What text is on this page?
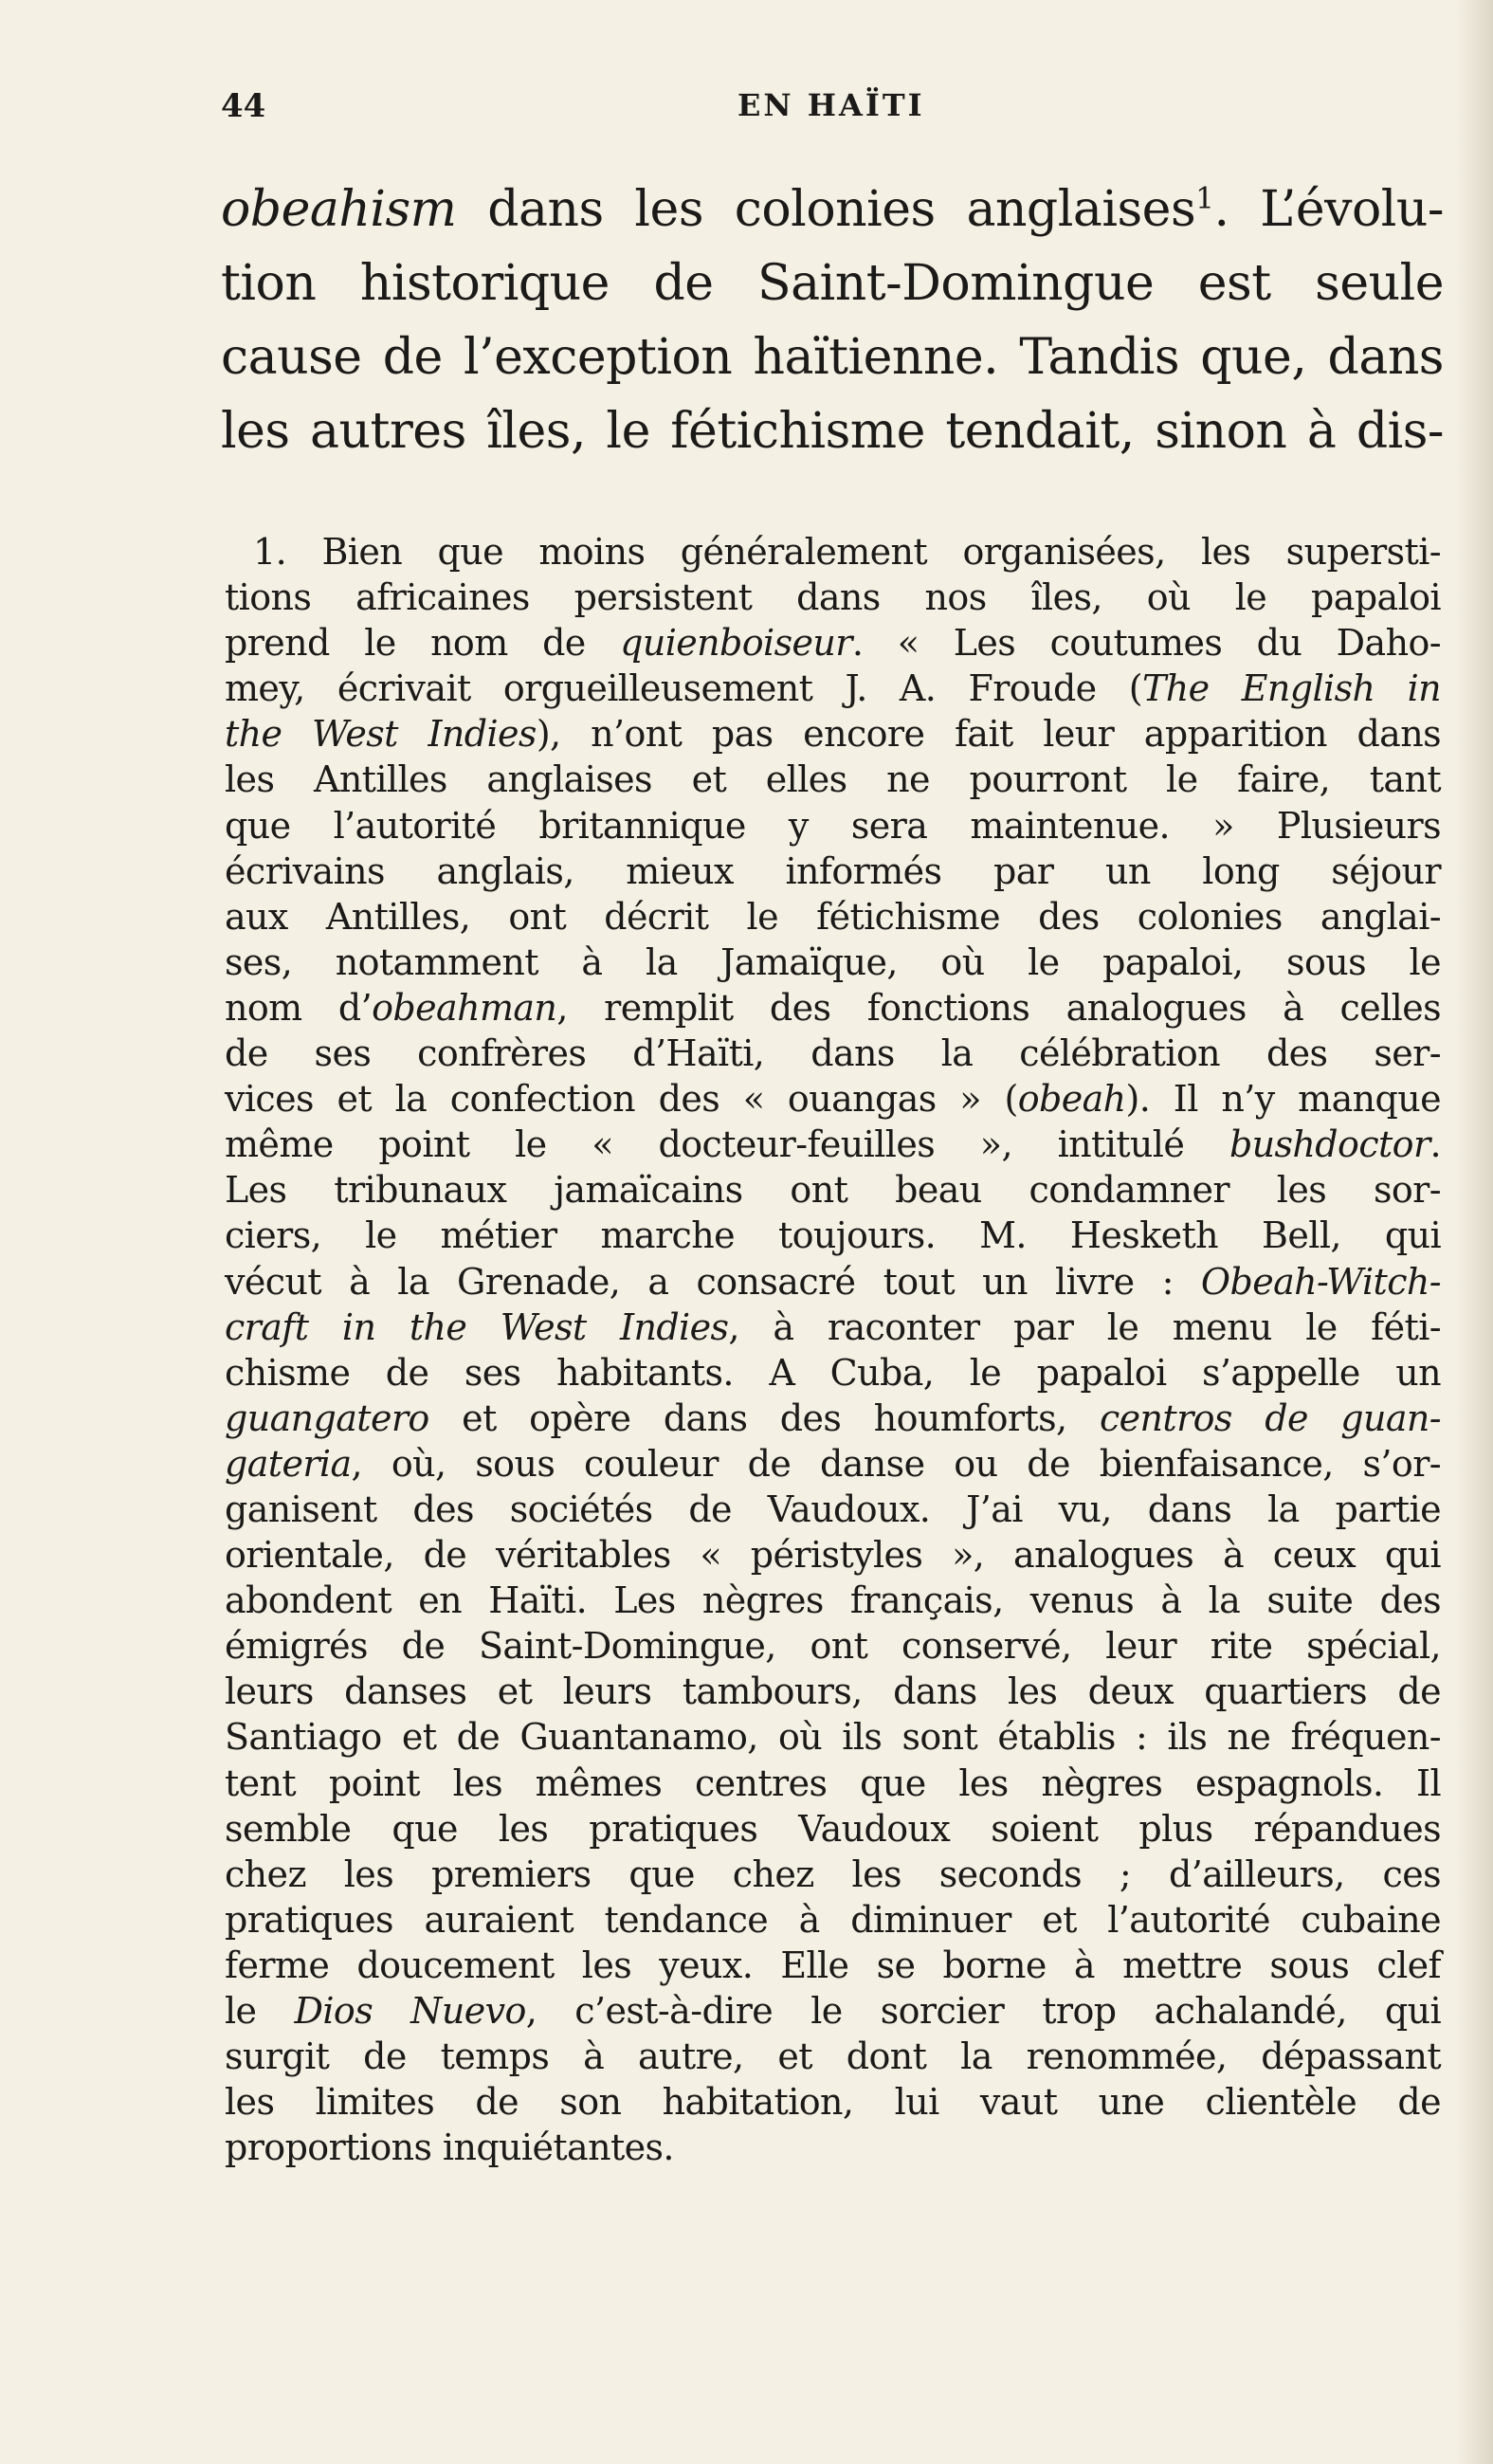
44	EN HAÏTI
obeahism dans les colonies anglaises$^1$. L’évolu-
tion historique de Saint-Domingue est seule
cause de l’exception haïtienne. Tandis que, dans
les autres îles, le fétichisme tendait, sinon à dis-
1. Bien que moins généralement organisées, les supersti-
tions africaines persistent dans nos îles, où le papaloi
prend le nom de quienboiseur. « Les coutumes du Daho-
mey, écrivait orgueilleusement J. A. Froude (The English in
the West Indies), n’ont pas encore fait leur apparition dans
les Antilles anglaises et elles ne pourront le faire, tant
que l’autorité britannique y sera maintenue. » Plusieurs
écrivains anglais, mieux informés par un long séjour
aux Antilles, ont décrit le fétichisme des colonies anglai-
ses, notamment à la Jamaïque, où le papaloi, sous le
nom d’obeahman, remplit des fonctions analogues à celles
de ses confrères d’Haïti, dans la célébration des ser-
vices et la confection des « ouangas » (obeah). Il n’y manque
même point le « docteur-feuilles », intitulé bushdoctor.
Les tribunaux jamaïcains ont beau condamner les sor-
ciers, le métier marche toujours. M. Hesketh Bell, qui
vécut à la Grenade, a consacré tout un livre : Obeah-Witch-
craft in the West Indies, à raconter par le menu le féti-
chisme de ses habitants. A Cuba, le papaloi s’appelle un
guangatero et opère dans des houmforts, centros de guan-
gateria, où, sous couleur de danse ou de bienfaisance, s’or-
ganisent des sociétés de Vaudoux. J’ai vu, dans la partie
orientale, de véritables « péristyles », analogues à ceux qui
abondent en Haïti. Les nègres français, venus à la suite des
émigrés de Saint-Domingue, ont conservé, leur rite spécial,
leurs danses et leurs tambours, dans les deux quartiers de
Santiago et de Guantanamo, où ils sont établis : ils ne fréquen-
tent point les mêmes centres que les nègres espagnols. Il
semble que les pratiques Vaudoux soient plus répandues
chez les premiers que chez les seconds ; d’ailleurs, ces
pratiques auraient tendance à diminuer et l’autorité cubaine
ferme doucement les yeux. Elle se borne à mettre sous clef
le Dios Nuevo, c’est-à-dire le sorcier trop achalandé, qui
surgit de temps à autre, et dont la renommée, dépassant
les limites de son habitation, lui vaut une clientèle de
proportions inquiétantes.
